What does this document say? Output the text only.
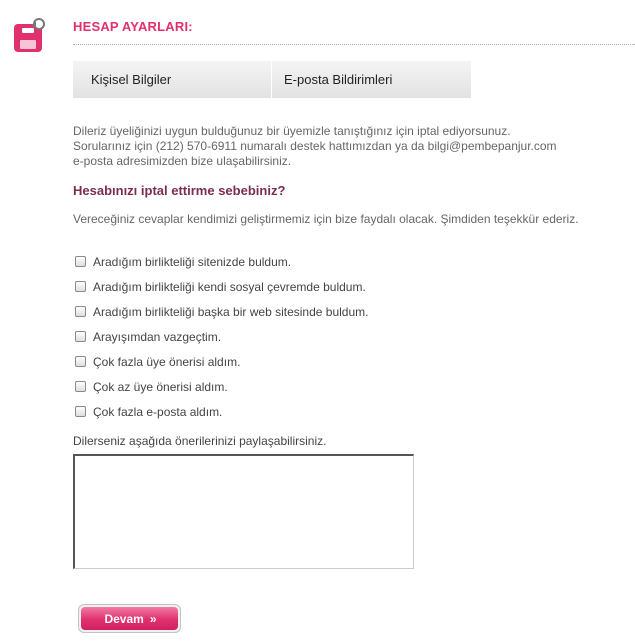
HESAP AYARLARI:
Kişisel Bilgiler	E-posta Bildirimleri
Dileriz üyeliğinizi uygun bulduğunuz bir üyemizle tanıştığınız için iptal ediyorsunuz.
Sorularınız için (212) 570-6911 numaralı destek hattımızdan ya da bilgi@pembepanjur.com
e-posta adresimizden bize ulaşabilirsiniz.
Hesabınızı iptal ettirme sebebiniz?
Vereceğiniz cevaplar kendimizi geliştirmemiz için bize faydalı olacak. Şimdiden teşekkür ederiz.
Aradığım birlikteliği sitenizde buldum.
Aradığım birlikteliği kendi sosyal çevremde buldum.
Aradığım birlikteliği başka bir web sitesinde buldum.
Arayışımdan vazgeçtim.
Çok fazla üye önerisi aldım.
Çok az üye önerisi aldım.
Çok fazla e-posta aldım.
Dilerseniz aşağıda önerilerinizi paylaşabilirsiniz.
Devam »
